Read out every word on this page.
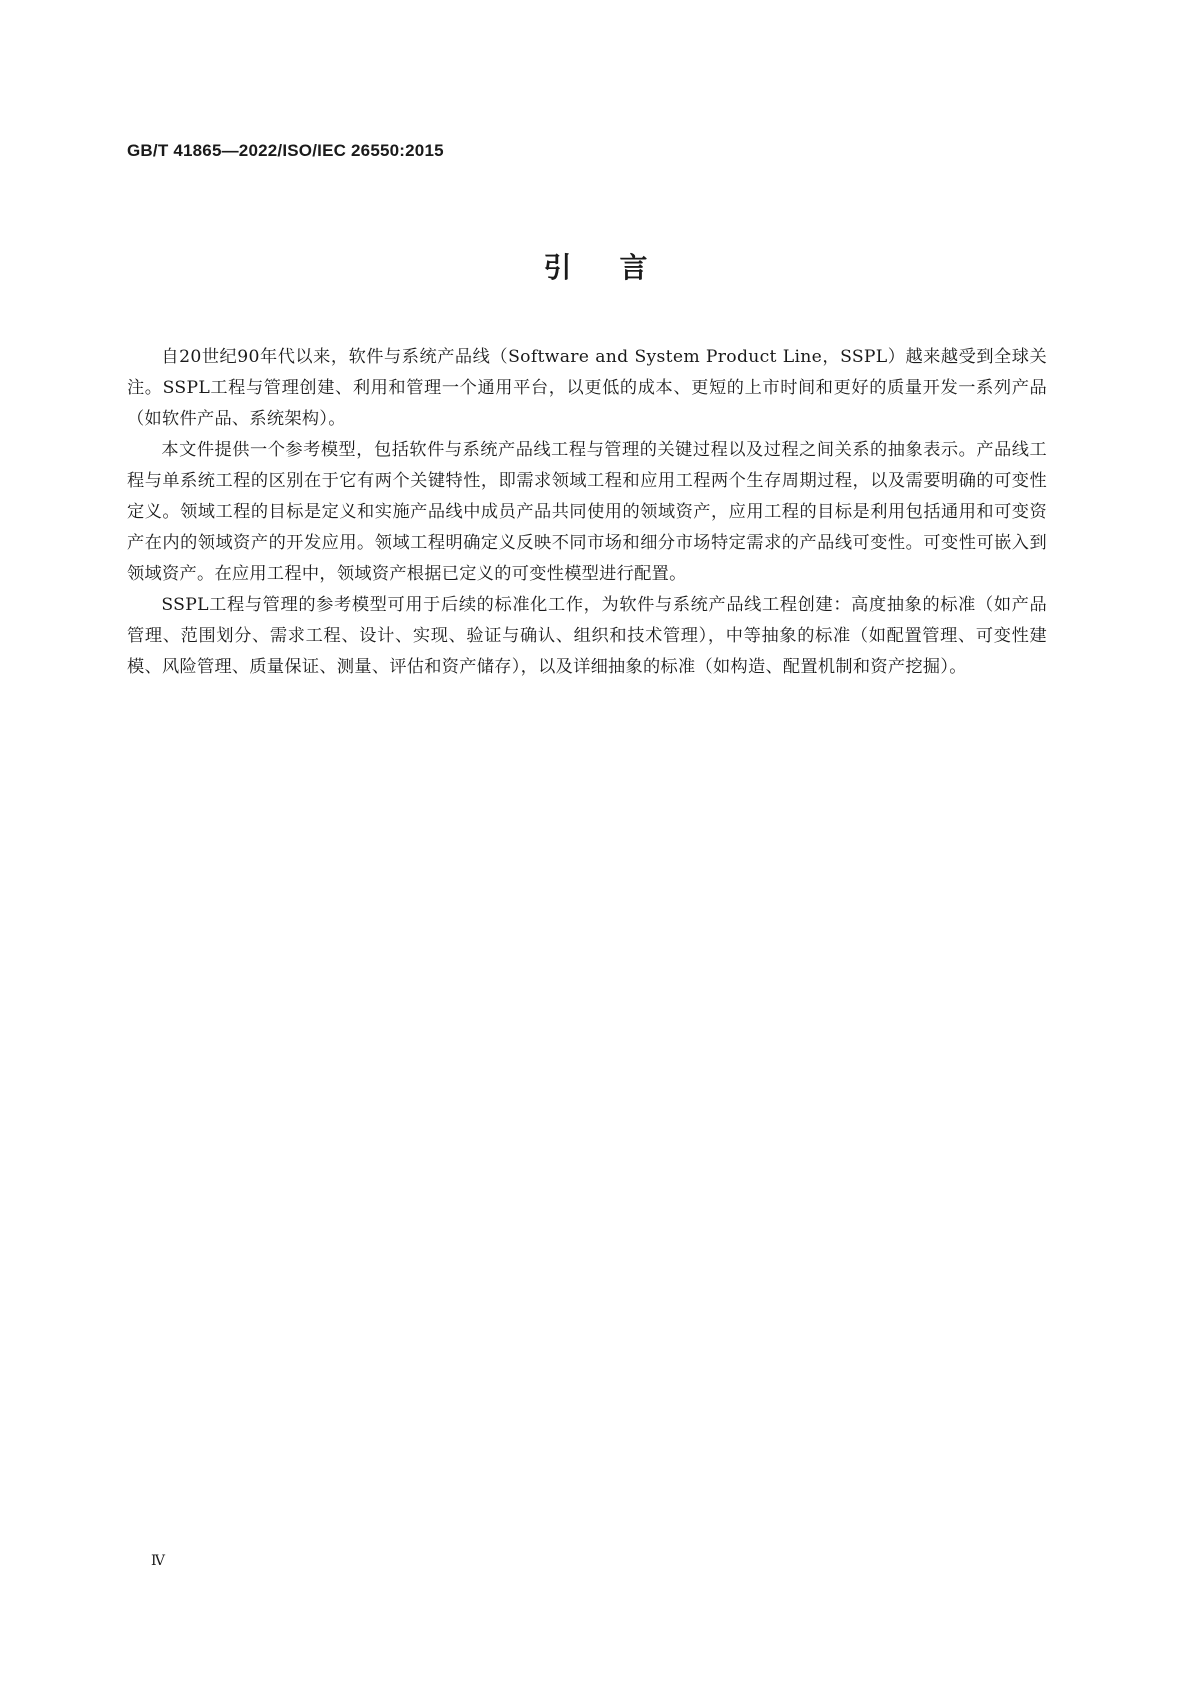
GB/T 41865—2022/ISO/IEC 26550:2015
引言

自20世纪90年代以来，软件与系统产品线（Software and System Product Line，SSPL）越来越受到全球关注。SSPL工程与管理创建、利用和管理一个通用平台，以更低的成本、更短的上市时间和更好的质量开发一系列产品（如软件产品、系统架构）。

本文件提供一个参考模型，包括软件与系统产品线工程与管理的关键过程以及过程之间关系的抽象表示。产品线工程与单系统工程的区别在于它有两个关键特性，即需求领域工程和应用工程两个生存周期过程，以及需要明确的可变性定义。领域工程的目标是定义和实施产品线中成员产品共同使用的领域资产，应用工程的目标是利用包括通用和可变资产在内的领域资产的开发应用。领域工程明确定义反映不同市场和细分市场特定需求的产品线可变性。可变性可嵌入到领域资产。在应用工程中，领域资产根据已定义的可变性模型进行配置。

SSPL工程与管理的参考模型可用于后续的标准化工作，为软件与系统产品线工程创建：高度抽象的标准（如产品管理、范围划分、需求工程、设计、实现、验证与确认、组织和技术管理），中等抽象的标准（如配置管理、可变性建模、风险管理、质量保证、测量、评估和资产储存），以及详细抽象的标准（如构造、配置机制和资产挖掘）。

Ⅳ
